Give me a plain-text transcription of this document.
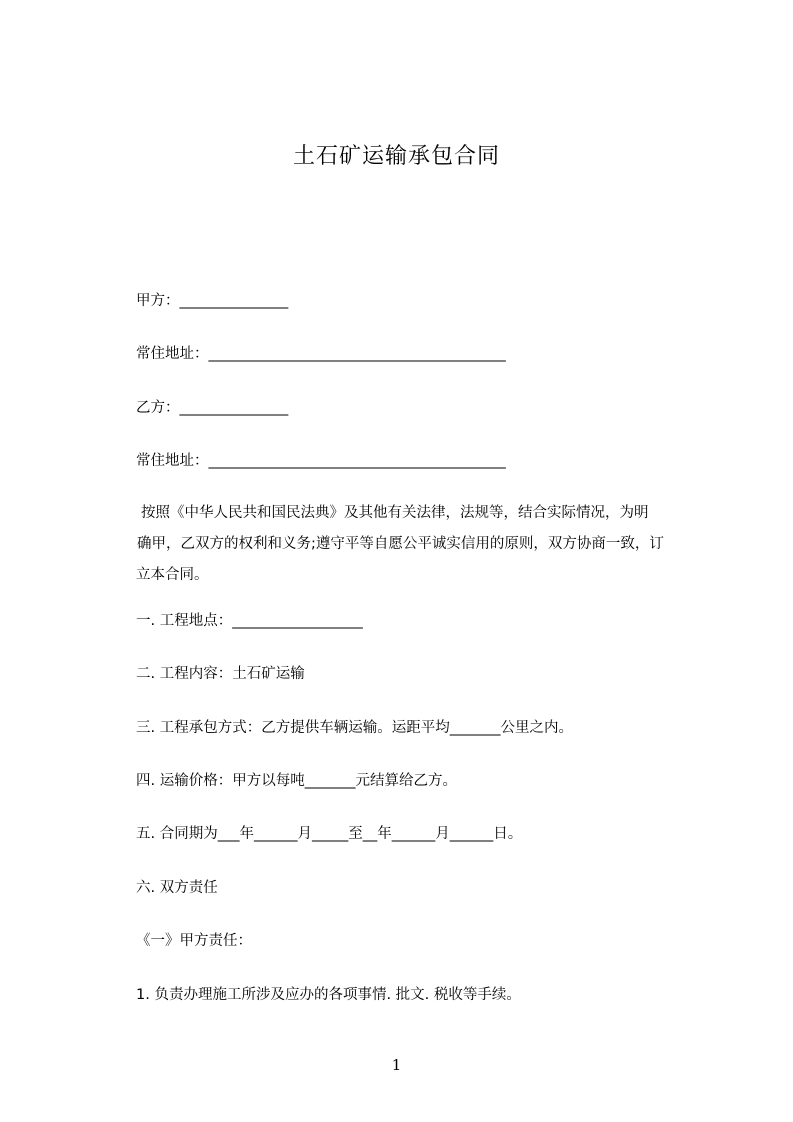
土石矿运输承包合同
甲方：_______________
常住地址：_________________________________________
乙方：_______________
常住地址：_________________________________________
按照《中华人民共和国民法典》及其他有关法律，法规等，结合实际情况，为明
确甲，乙双方的权利和义务;遵守平等自愿公平诚实信用的原则，双方协商一致，订
立本合同。
一. 工程地点：__________________
二. 工程内容：土石矿运输
三. 工程承包方式：乙方提供车辆运输。运距平均_______公里之内。
四. 运输价格：甲方以每吨_______元结算给乙方。
五. 合同期为___年______月_____至__年______月______日。
六. 双方责任
《一》甲方责任：
1. 负责办理施工所涉及应办的各项事情. 批文. 税收等手续。
1
